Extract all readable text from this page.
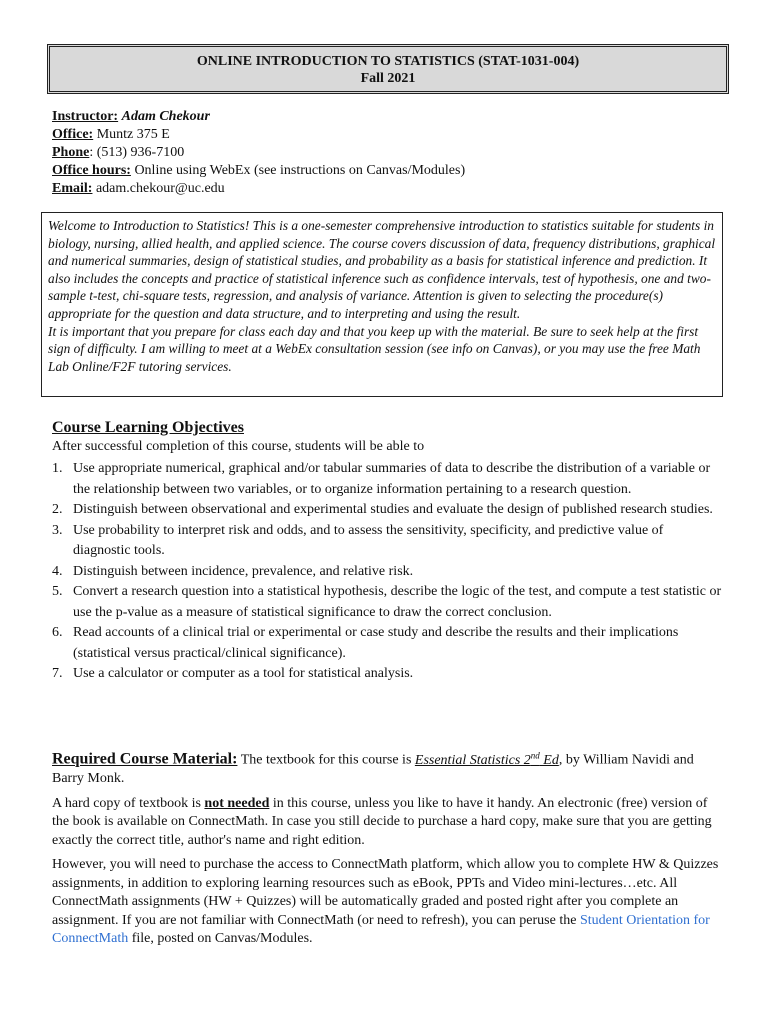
ONLINE INTRODUCTION TO STATISTICS (STAT-1031-004)
Fall 2021
Instructor: Adam Chekour
Office: Muntz 375 E
Phone: (513) 936-7100
Office hours: Online using WebEx (see instructions on Canvas/Modules)
Email: adam.chekour@uc.edu

Welcome to Introduction to Statistics! This is a one-semester comprehensive introduction to statistics suitable for students in biology, nursing, allied health, and applied science. The course covers discussion of data, frequency distributions, graphical and numerical summaries, design of statistical studies, and probability as a basis for statistical inference and prediction. It also includes the concepts and practice of statistical inference such as confidence intervals, test of hypothesis, one and two-sample t-test, chi-square tests, regression, and analysis of variance. Attention is given to selecting the procedure(s) appropriate for the question and data structure, and to interpreting and using the result.

It is important that you prepare for class each day and that you keep up with the material. Be sure to seek help at the first sign of difficulty. I am willing to meet at a WebEx consultation session (see info on Canvas), or you may use the free Math Lab Online/F2F tutoring services.

Course Learning Objectives
After successful completion of this course, students will be able to
1. Use appropriate numerical, graphical and/or tabular summaries of data to describe the distribution of a variable or the relationship between two variables, or to organize information pertaining to a research question.
2. Distinguish between observational and experimental studies and evaluate the design of published research studies.
3. Use probability to interpret risk and odds, and to assess the sensitivity, specificity, and predictive value of diagnostic tools.
4. Distinguish between incidence, prevalence, and relative risk.
5. Convert a research question into a statistical hypothesis, describe the logic of the test, and compute a test statistic or use the p-value as a measure of statistical significance to draw the correct conclusion.
6. Read accounts of a clinical trial or experimental or case study and describe the results and their implications (statistical versus practical/clinical significance).
7. Use a calculator or computer as a tool for statistical analysis.

Required Course Material: The textbook for this course is Essential Statistics 2nd Ed, by William Navidi and Barry Monk.

A hard copy of textbook is not needed in this course, unless you like to have it handy. An electronic (free) version of the book is available on ConnectMath. In case you still decide to purchase a hard copy, make sure that you are getting exactly the correct title, author's name and right edition.

However, you will need to purchase the access to ConnectMath platform, which allow you to complete HW & Quizzes assignments, in addition to exploring learning resources such as eBook, PPTs and Video mini-lectures…etc. All ConnectMath assignments (HW + Quizzes) will be automatically graded and posted right after you complete an assignment. If you are not familiar with ConnectMath (or need to refresh), you can peruse the Student Orientation for ConnectMath file, posted on Canvas/Modules.
